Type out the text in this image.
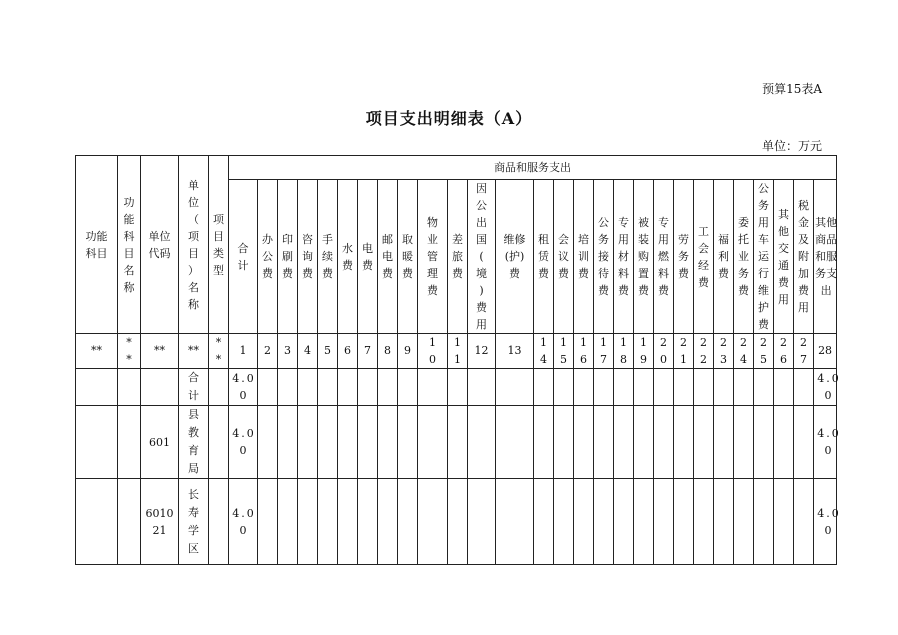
预算15表A
项目支出明细表（A）
单位：万元
功能科目	功能科目名称	单位代码	单位（项目）名称	项目类型	商品和服务支出																											
					合计	办公费	印刷费	咨询费	手续费	水费	电费	邮电费	取暖费	物业管理费	差旅费	因公出国(境)费用	维修(护)费	租赁费	会议费	培训费	公务接待费	专用材料费	被装购置费	专用燃料费	劳务费	工会经费	福利费	委托业务费	公务用车运行维护费	其他交通费用	税金及附加费用	其他商品和服务支出
**	**	**	**	**	1	2	3	4	5	6	7	8	9	10	11	12	13	14	15	16	17	18	19	20	21	22	23	24	25	26	27	28
			合计		4.00																											4.00
		601	县教育局		4.00																											4.00
		601021	长寿学区		4.00																											4.00
